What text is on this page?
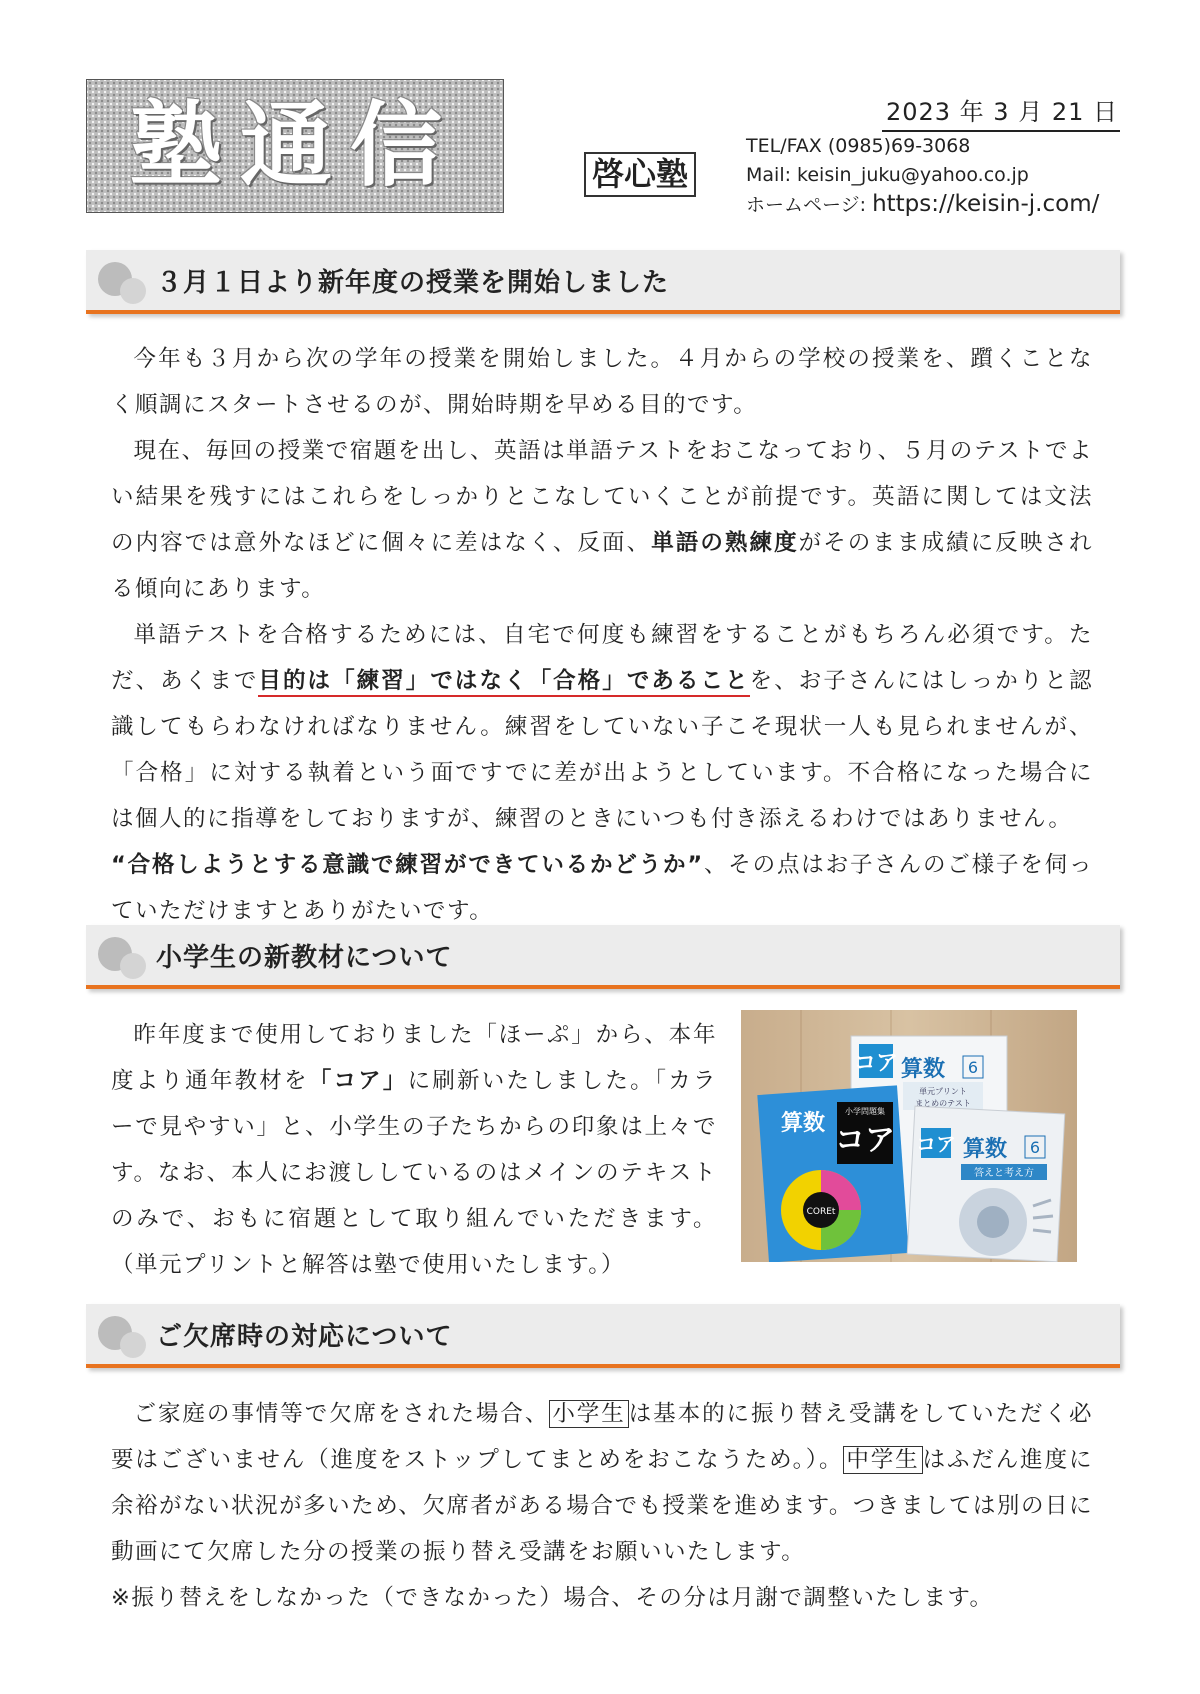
塾通信	啓心塾
2023 年 3 月 21 日
TEL/FAX (0985)69-3068
Mail: keisin_juku@yahoo.co.jp
ホームページ: https://keisin-j.com/
３月１日より新年度の授業を開始しました

今年も３月から次の学年の授業を開始しました。４月からの学校の授業を、躓くことなく順調にスタートさせるのが、開始時期を早める目的です。

現在、毎回の授業で宿題を出し、英語は単語テストをおこなっており、５月のテストでよい結果を残すにはこれらをしっかりとこなしていくことが前提です。英語に関しては文法の内容では意外なほどに個々に差はなく、反面、単語の熟練度がそのまま成績に反映される傾向にあります。

単語テストを合格するためには、自宅で何度も練習をすることがもちろん必須です。ただ、あくまで目的は「練習」ではなく「合格」であることを、お子さんにはしっかりと認識してもらわなければなりません。練習をしていない子こそ現状一人も見られませんが、「合格」に対する執着という面ですでに差が出ようとしています。不合格になった場合には個人的に指導をしておりますが、練習のときにいつも付き添えるわけではありません。

“合格しようとする意識で練習ができているかどうか”、その点はお子さんのご様子を伺っていただけますとありがたいです。

小学生の新教材について

昨年度まで使用しておりました「ほーぷ」から、本年度より通年教材を「コア」に刷新いたしました。「カラーで見やすい」と、小学生の子たちからの印象は上々です。なお、本人にお渡ししているのはメインのテキストのみで、おもに宿題として取り組んでいただきます。（単元プリントと解答は塾で使用いたします。）

コア 算数 6
単元プリント
まとめのテスト
算数 小学問題集
コア
COREt
コア 算数 6
答えと考え方
ご欠席時の対応について

ご家庭の事情等で欠席をされた場合、 小学生 は基本的に振り替え受講をしていただく必要はございません（進度をストップしてまとめをおこなうため。）。 中学生 はふだん進度に余裕がない状況が多いため、欠席者がある場合でも授業を進めます。つきましては別の日に動画にて欠席した分の授業の振り替え受講をお願いいたします。

※振り替えをしなかった（できなかった）場合、その分は月謝で調整いたします。
